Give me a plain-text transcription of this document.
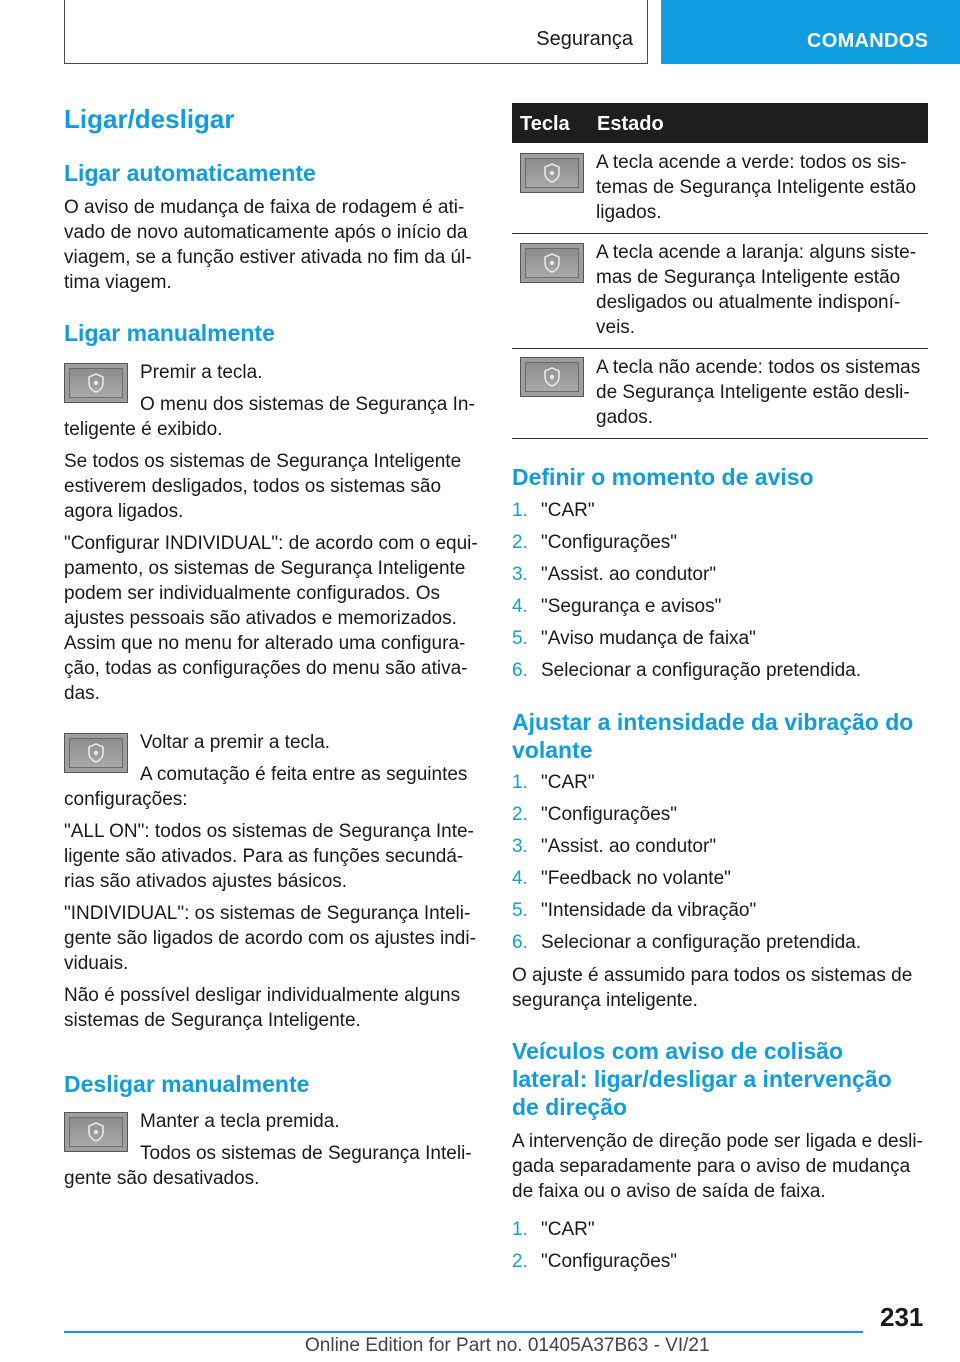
Segurança	COMANDOS
Ligar/desligar
Ligar automaticamente

O aviso de mudança de faixa de rodagem é ati-
vado de novo automaticamente após o início da
viagem, se a função estiver ativada no fim da úl-
tima viagem.

Ligar manualmente

Premir a tecla.

O menu dos sistemas de Segurança In-

teligente é exibido.

Se todos os sistemas de Segurança Inteligente
estiverem desligados, todos os sistemas são
agora ligados.

"Configurar INDIVIDUAL": de acordo com o equi-
pamento, os sistemas de Segurança Inteligente
podem ser individualmente configurados. Os
ajustes pessoais são ativados e memorizados.
Assim que no menu for alterado uma configura-
ção, todas as configurações do menu são ativa-
das.

Voltar a premir a tecla.

A comutação é feita entre as seguintes

configurações:

"ALL ON": todos os sistemas de Segurança Inte-
ligente são ativados. Para as funções secundá-
rias são ativados ajustes básicos.

"INDIVIDUAL": os sistemas de Segurança Inteli-
gente são ligados de acordo com os ajustes indi-
viduais.

Não é possível desligar individualmente alguns
sistemas de Segurança Inteligente.

Desligar manualmente

Manter a tecla premida.

Todos os sistemas de Segurança Inteli-

gente são desativados.

Tecla Estado

A tecla acende a verde: todos os sis-
temas de Segurança Inteligente estão
ligados.

A tecla acende a laranja: alguns siste-
mas de Segurança Inteligente estão
desligados ou atualmente indisponí-
veis.

A tecla não acende: todos os sistemas
de Segurança Inteligente estão desli-
gados.

Definir o momento de aviso
1. "CAR"
2. "Configurações"
3. "Assist. ao condutor"
4. "Segurança e avisos"
5. "Aviso mudança de faixa"
6. Selecionar a configuração pretendida.
Ajustar a intensidade da vibração do
volante
1. "CAR"
2. "Configurações"
3. "Assist. ao condutor"
4. "Feedback no volante"
5. "Intensidade da vibração"
6. Selecionar a configuração pretendida.

O ajuste é assumido para todos os sistemas de
segurança inteligente.

Veículos com aviso de colisão
lateral: ligar/desligar a intervenção
de direção

A intervenção de direção pode ser ligada e desli-
gada separadamente para o aviso de mudança
de faixa ou o aviso de saída de faixa.

1. "CAR"
2. "Configurações"
231
Online Edition for Part no. 01405A37B63 - VI/21
